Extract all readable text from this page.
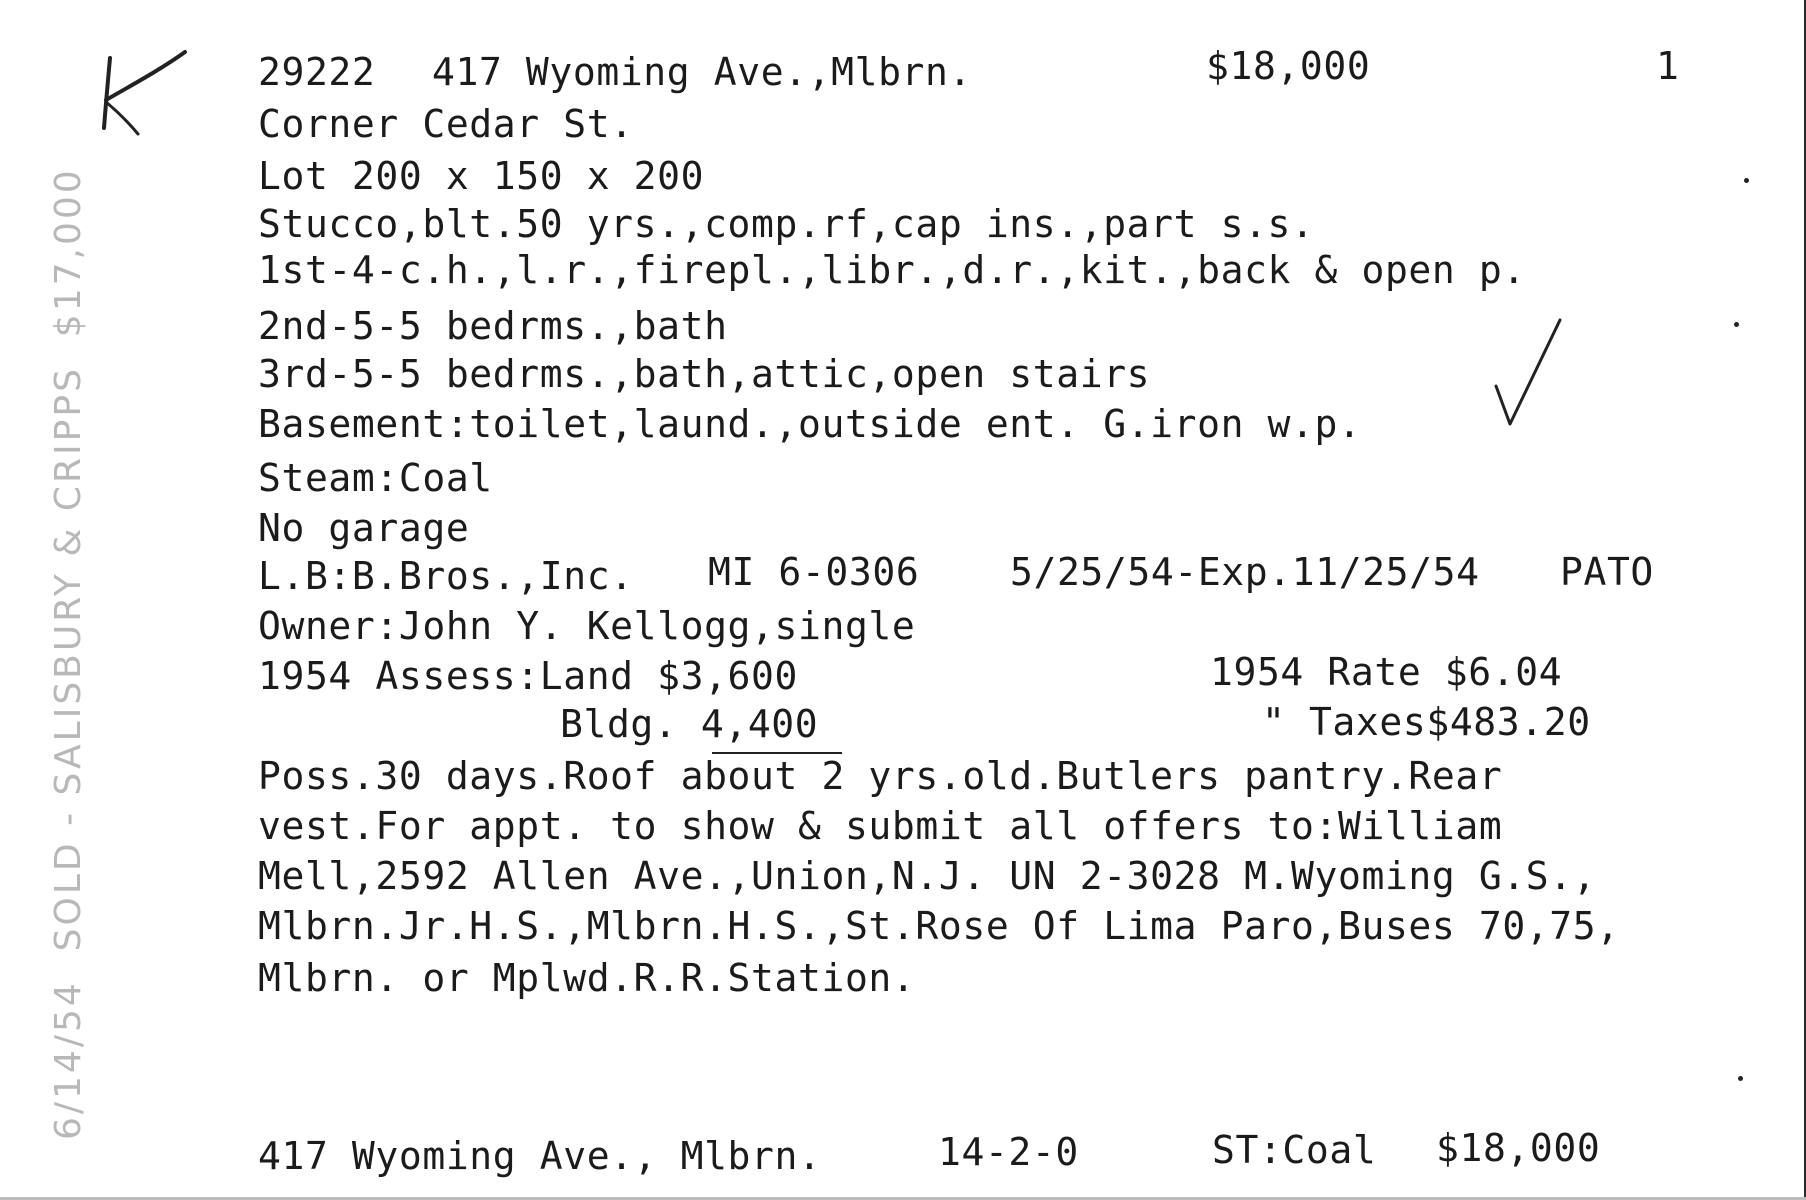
6/14/54  SOLD - SALISBURY & CRIPPS  $17,000
29222 417 Wyoming Ave.,Mlbrn.	$18,000	1
Corner Cedar St.
Lot 200 x 150 x 200
Stucco,blt.50 yrs.,comp.rf,cap ins.,part s.s.
1st-4-c.h.,l.r.,firepl.,libr.,d.r.,kit.,back & open p.
2nd-5-5 bedrms.,bath
3rd-5-5 bedrms.,bath,attic,open stairs
Basement:toilet,laund.,outside ent. G.iron w.p.
Steam:Coal
No garage
L.B:B.Bros.,Inc. MI 6-0306 5/25/54-Exp.11/25/54 PATO
Owner:John Y. Kellogg,single
1954 Assess:Land $3,600	1954 Rate $6.04
Bldg. 4,400	" Taxes$483.20
Poss.30 days.Roof about 2 yrs.old.Butlers pantry.Rear
vest.For appt. to show & submit all offers to:William
Mell,2592 Allen Ave.,Union,N.J. UN 2-3028 M.Wyoming G.S.,
Mlbrn.Jr.H.S.,Mlbrn.H.S.,St.Rose Of Lima Paro,Buses 70,75,
Mlbrn. or Mplwd.R.R.Station.
417 Wyoming Ave., Mlbrn.	14-2-0	ST:Coal $18,000
